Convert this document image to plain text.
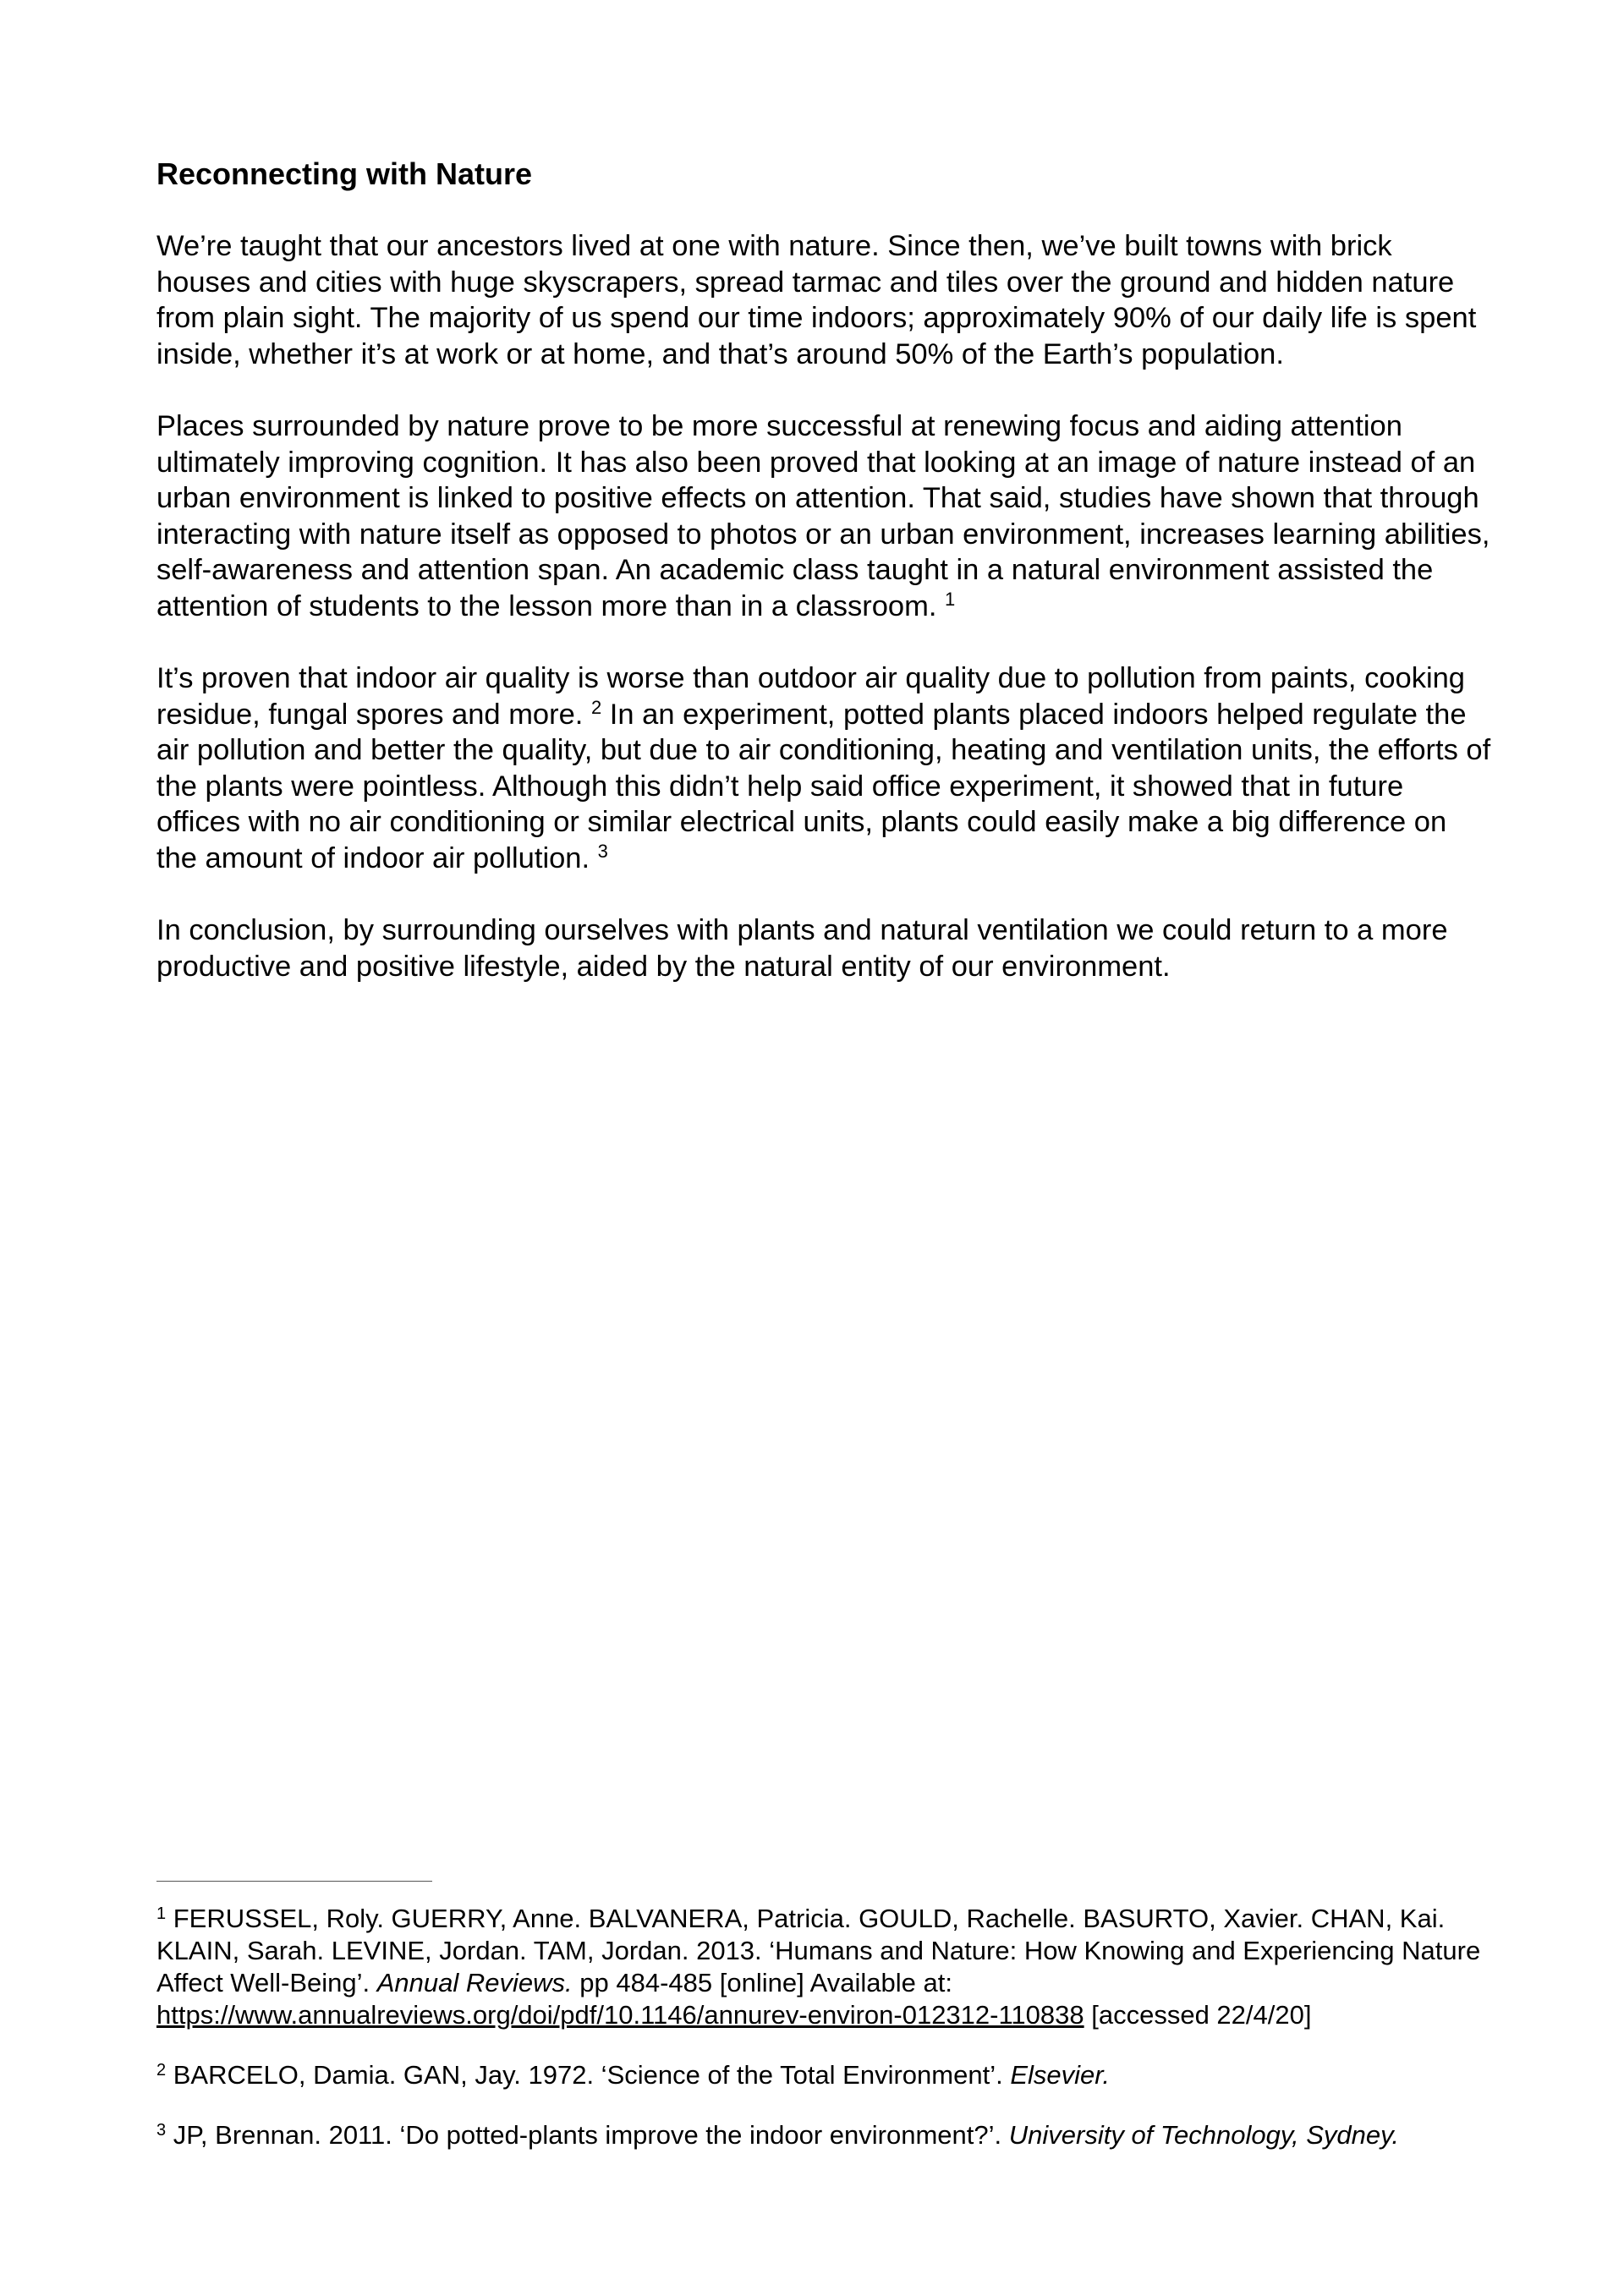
Reconnecting with Nature

We’re taught that our ancestors lived at one with nature. Since then, we’ve built towns with brick houses and cities with huge skyscrapers, spread tarmac and tiles over the ground and hidden nature from plain sight. The majority of us spend our time indoors; approximately 90% of our daily life is spent inside, whether it’s at work or at home, and that’s around 50% of the Earth’s population.

Places surrounded by nature prove to be more successful at renewing focus and aiding attention ultimately improving cognition. It has also been proved that looking at an image of nature instead of an urban environment is linked to positive effects on attention. That said, studies have shown that through interacting with nature itself as opposed to photos or an urban environment, increases learning abilities, self-awareness and attention span. An academic class taught in a natural environment assisted the attention of students to the lesson more than in a classroom. $^1$

It’s proven that indoor air quality is worse than outdoor air quality due to pollution from paints, cooking residue, fungal spores and more. $^2$ In an experiment, potted plants placed indoors helped regulate the air pollution and better the quality, but due to air conditioning, heating and ventilation units, the efforts of the plants were pointless. Although this didn’t help said office experiment, it showed that in future offices with no air conditioning or similar electrical units, plants could easily make a big difference on the amount of indoor air pollution. $^3$

In conclusion, by surrounding ourselves with plants and natural ventilation we could return to a more productive and positive lifestyle, aided by the natural entity of our environment.

$^1$ FERUSSEL, Roly. GUERRY, Anne. BALVANERA, Patricia. GOULD, Rachelle. BASURTO, Xavier. CHAN, Kai. KLAIN, Sarah. LEVINE, Jordan. TAM, Jordan. 2013. ‘Humans and Nature: How Knowing and Experiencing Nature Affect Well-Being’. Annual Reviews. pp 484-485 [online] Available at: https://www.annualreviews.org/doi/pdf/10.1146/annurev-environ-012312-110838 [accessed 22/4/20]

$^2$ BARCELO, Damia. GAN, Jay. 1972. ‘Science of the Total Environment’. Elsevier.

$^3$ JP, Brennan. 2011. ‘Do potted-plants improve the indoor environment?’. University of Technology, Sydney.
